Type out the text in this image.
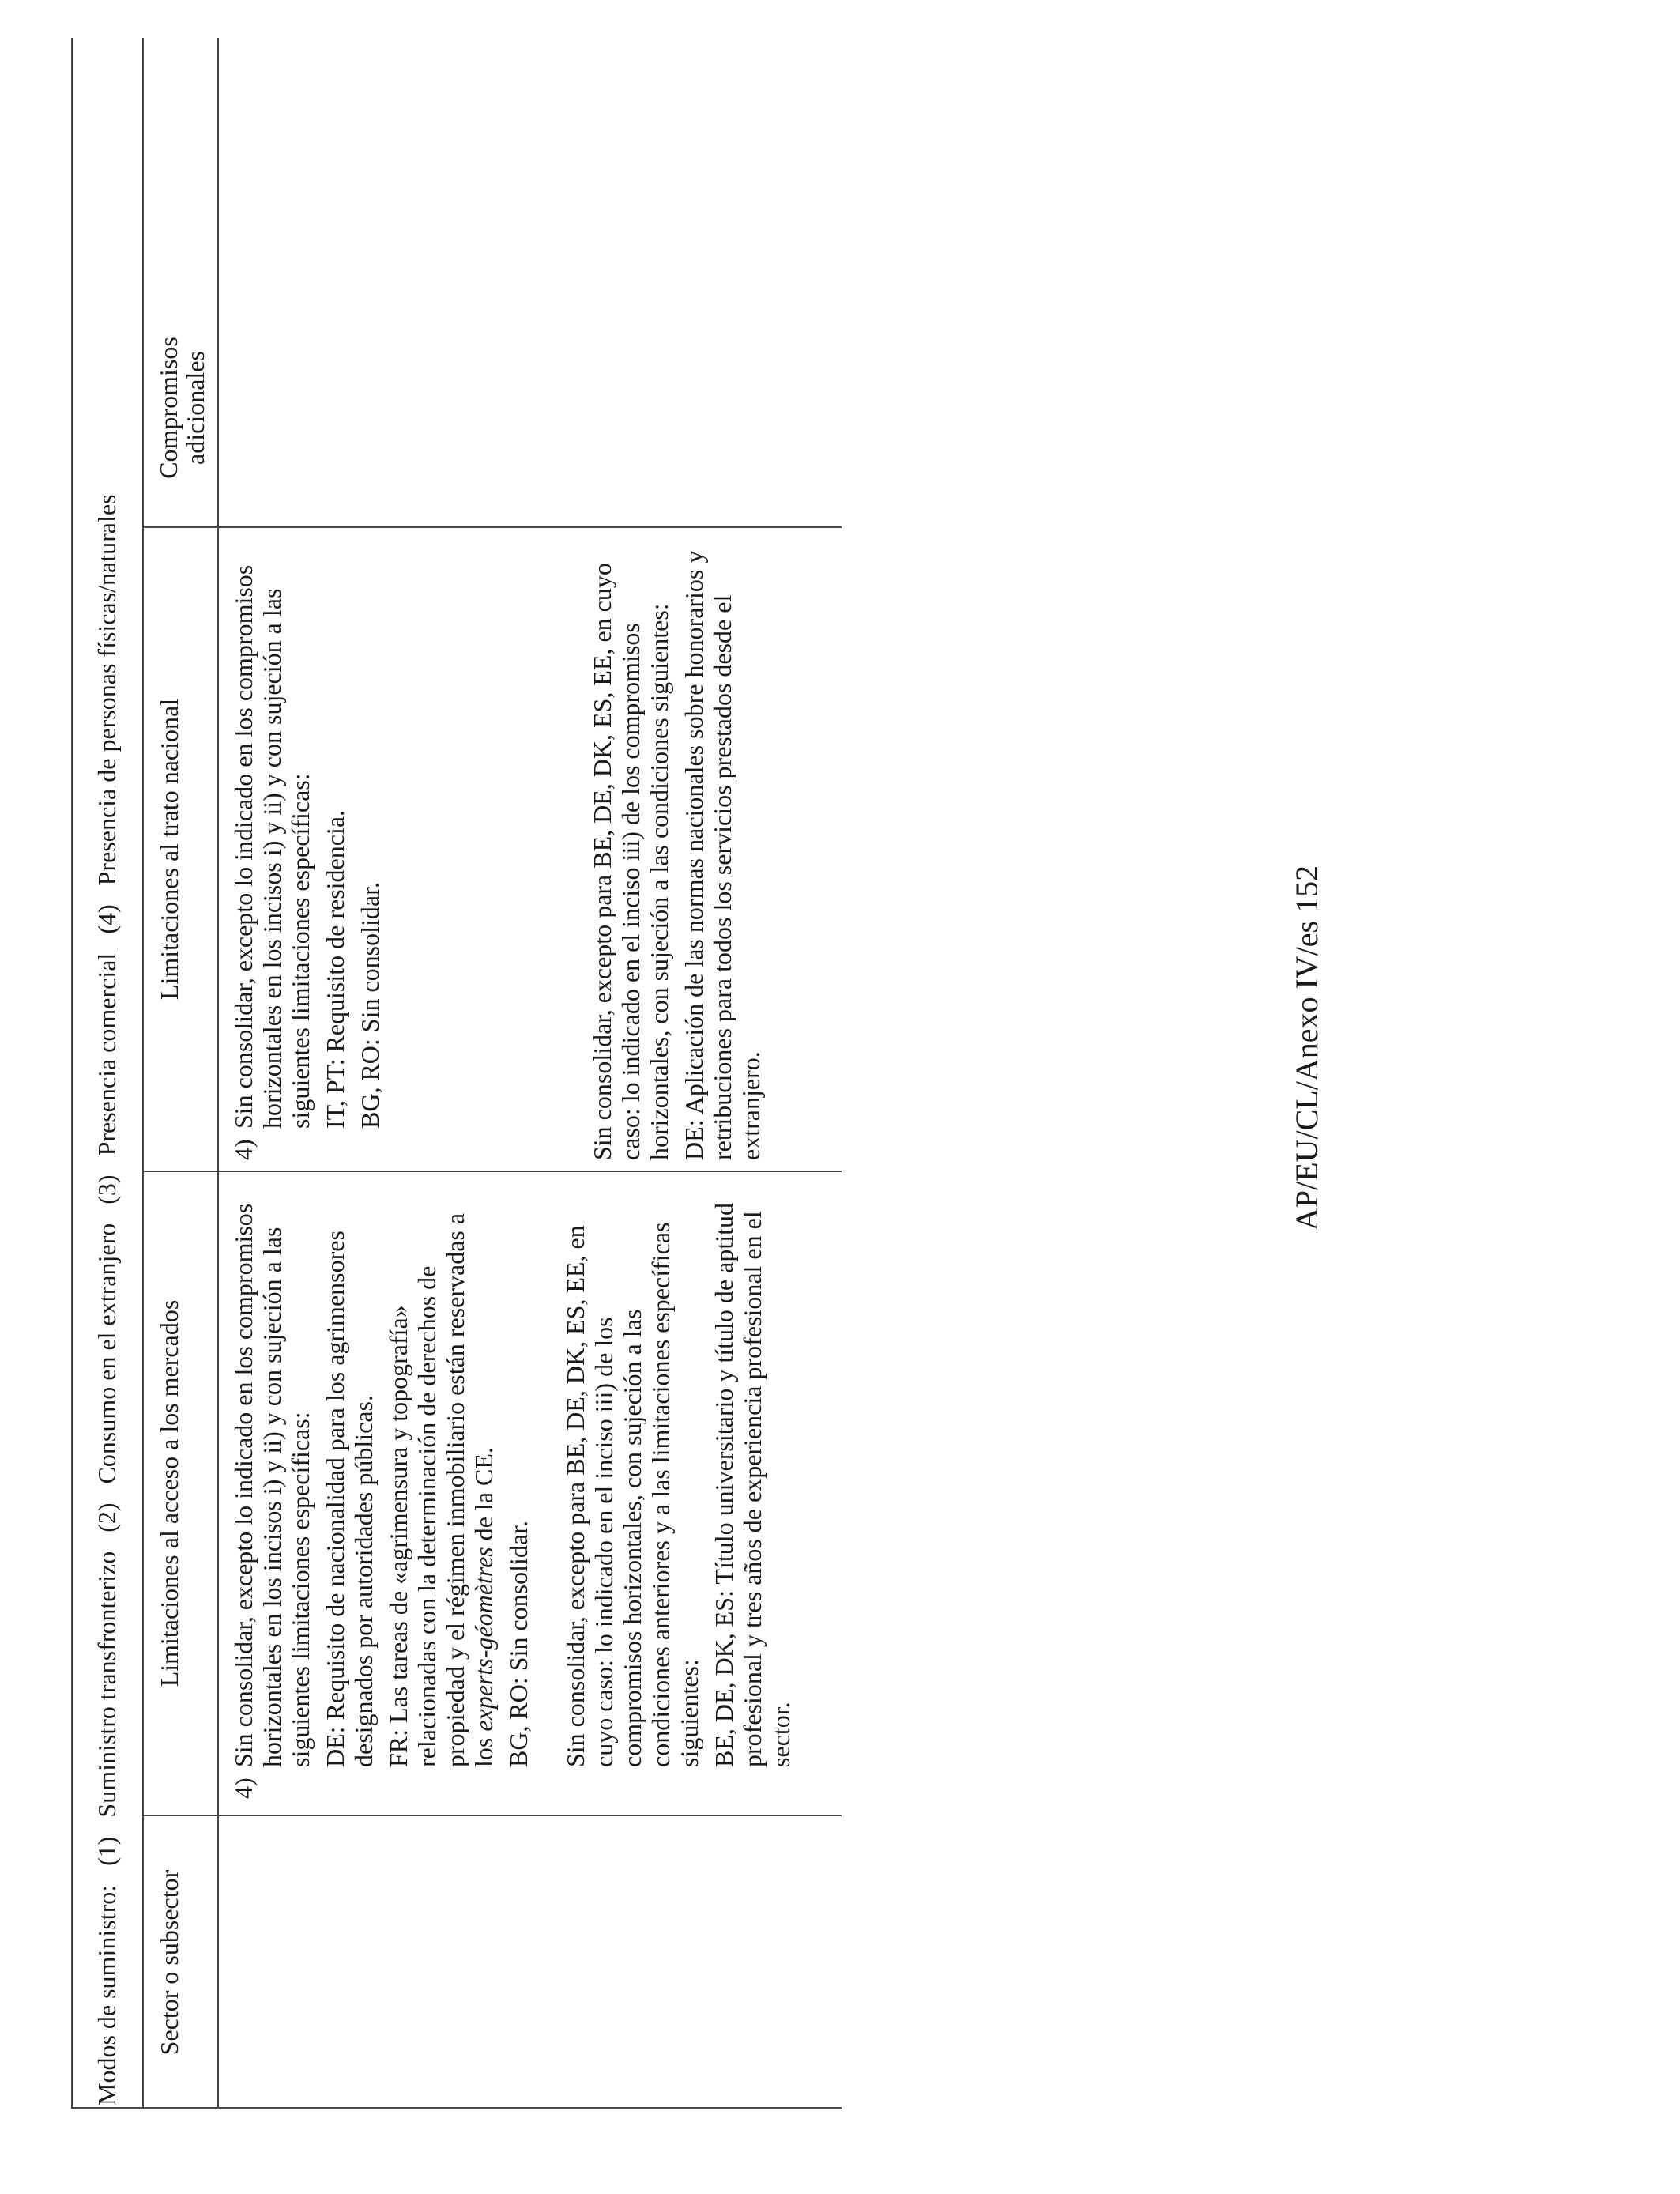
Modos de suministro:
(1)
Suministro transfronterizo
(2)
Consumo en el extranjero
(3)
Presencia comercial
(4)
Presencia de personas físicas/naturales
Sector o subsector
Limitaciones al acceso a los mercados
Limitaciones al trato nacional
Compromisos adicionales
4)

Sin consolidar, excepto lo indicado en los compromisos horizontales en los incisos i) y ii) y con sujeción a las siguientes limitaciones específicas: DE: Requisito de nacionalidad para los agrimensores designados por autoridades públicas. FR: Las tareas de «agrimensura y topografía» relacionadas con la determinación de derechos de propiedad y el régimen inmobiliario están reservadas a los experts-géomètres de la CE.

BG, RO: Sin consolidar. Sin consolidar, excepto para BE, DE, DK, ES, EE, en cuyo caso: lo indicado en el inciso iii) de los compromisos horizontales, con sujeción a las condiciones anteriores y a las limitaciones específicas siguientes: BE, DE, DK, ES: Título universitario y título de aptitud profesional y tres años de experiencia profesional en el sector.

4)

Sin consolidar, excepto lo indicado en los compromisos horizontales en los incisos i) y ii) y con sujeción a las siguientes limitaciones específicas: IT, PT: Requisito de residencia. BG, RO: Sin consolidar.	Sin consolidar, excepto para BE, DE, DK, ES, EE, en cuyo caso: lo indicado en el inciso iii) de los compromisos horizontales, con sujeción a las condiciones siguientes: DE: Aplicación de las normas nacionales sobre honorarios y retribuciones para todos los servicios prestados desde el extranjero.	AP/EU/CL/Anexo IV/es 152
